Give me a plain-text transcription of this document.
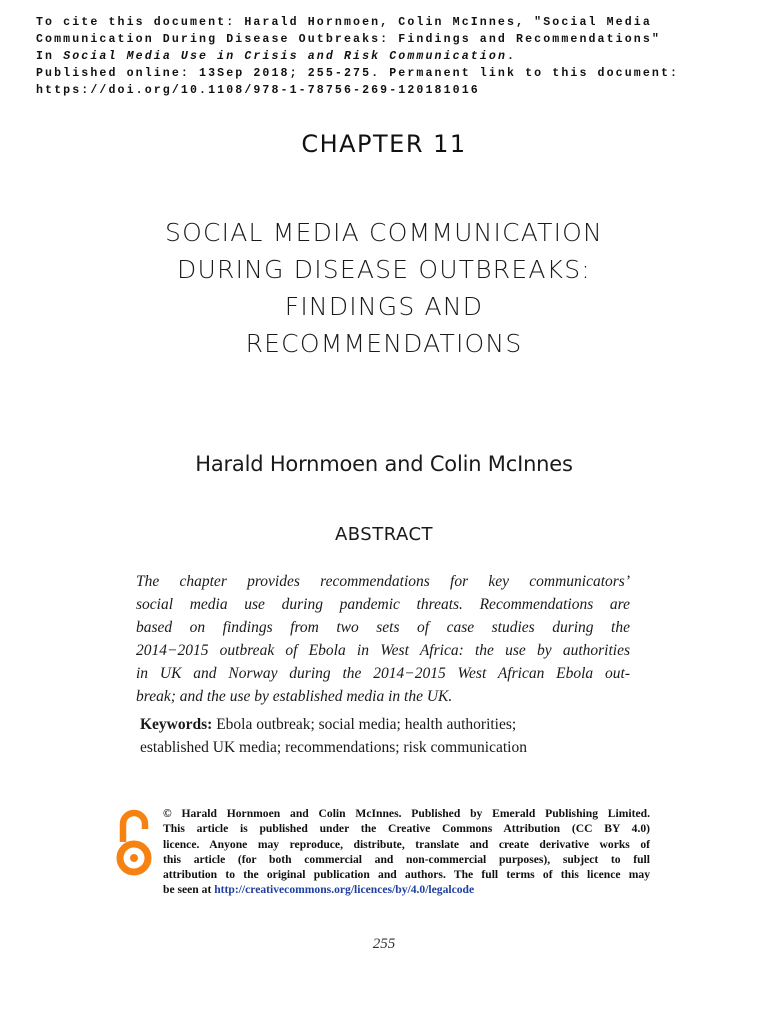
To cite this document: Harald Hornmoen, Colin McInnes, "Social Media
Communication During Disease Outbreaks: Findings and Recommendations"
In Social Media Use in Crisis and Risk Communication.
Published online: 13Sep 2018; 255-275. Permanent link to this document:
https://doi.org/10.1108/978-1-78756-269-120181016
CHAPTER 11
SOCIAL MEDIA COMMUNICATION
DURING DISEASE OUTBREAKS:
FINDINGS AND
RECOMMENDATIONS
Harald Hornmoen and Colin McInnes
ABSTRACT
The chapter provides recommendations for key communicators’
social media use during pandemic threats. Recommendations are
based on findings from two sets of case studies during the
2014−2015 outbreak of Ebola in West Africa: the use by authorities
in UK and Norway during the 2014−2015 West African Ebola out-
break; and the use by established media in the UK.
Keywords: Ebola outbreak; social media; health authorities;
established UK media; recommendations; risk communication
© Harald Hornmoen and Colin McInnes. Published by Emerald Publishing Limited.
This article is published under the Creative Commons Attribution (CC BY 4.0)
licence. Anyone may reproduce, distribute, translate and create derivative works of
this article (for both commercial and non-commercial purposes), subject to full
attribution to the original publication and authors. The full terms of this licence may
be seen at http://creativecommons.org/licences/by/4.0/legalcode
255
